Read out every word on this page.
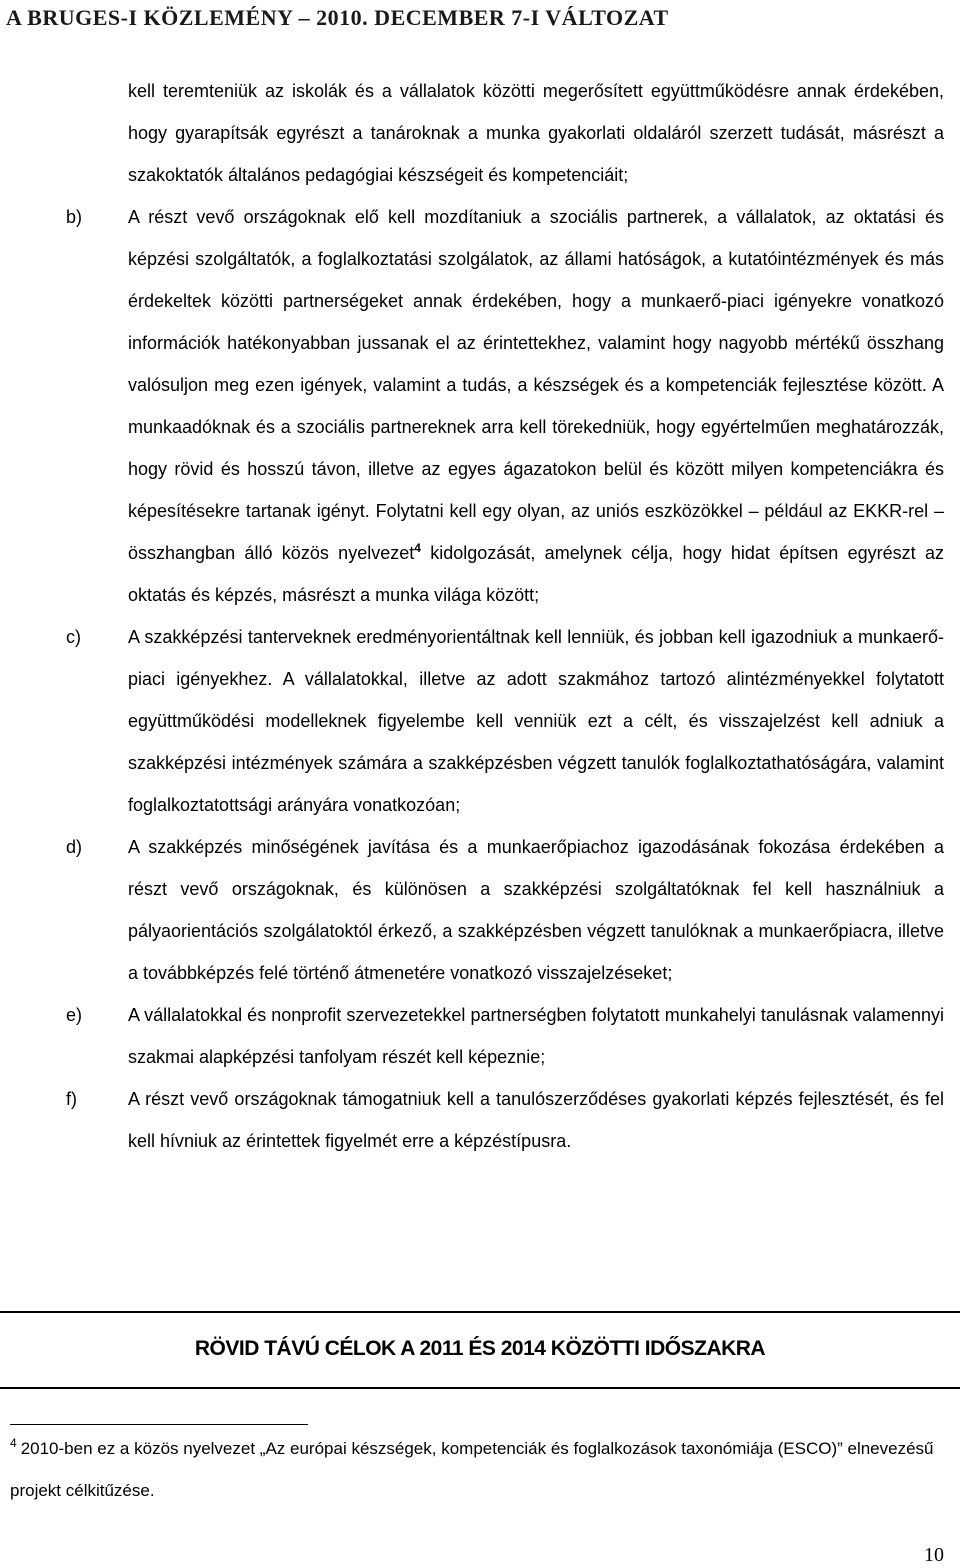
A BRUGES-I KÖZLEMÉNY – 2010. DECEMBER 7-I VÁLTOZAT
kell teremteniük az iskolák és a vállalatok közötti megerősített együttműködésre annak érdekében, hogy gyarapítsák egyrészt a tanároknak a munka gyakorlati oldaláról szerzett tudását, másrészt a szakoktatók általános pedagógiai készségeit és kompetenciáit;
b)	A részt vevő országoknak elő kell mozdítaniuk a szociális partnerek, a vállalatok, az oktatási és képzési szolgáltatók, a foglalkoztatási szolgálatok, az állami hatóságok, a kutatóintézmények és más érdekeltek közötti partnerségeket annak érdekében, hogy a munkaerő-piaci igényekre vonatkozó információk hatékonyabban jussanak el az érintettekhez, valamint hogy nagyobb mértékű összhang valósuljon meg ezen igények, valamint a tudás, a készségek és a kompetenciák fejlesztése között. A munkaadóknak és a szociális partnereknek arra kell törekedniük, hogy egyértelműen meghatározzák, hogy rövid és hosszú távon, illetve az egyes ágazatokon belül és között milyen kompetenciákra és képesítésekre tartanak igényt. Folytatni kell egy olyan, az uniós eszközökkel – például az EKKR-rel – összhangban álló közös nyelvezet$^4$ kidolgozását, amelynek célja, hogy hidat építsen egyrészt az oktatás és képzés, másrészt a munka világa között;
c)	A szakképzési tanterveknek eredményorientáltnak kell lenniük, és jobban kell igazodniuk a munkaerő-piaci igényekhez. A vállalatokkal, illetve az adott szakmához tartozó alintézményekkel folytatott együttműködési modelleknek figyelembe kell venniük ezt a célt, és visszajelzést kell adniuk a szakképzési intézmények számára a szakképzésben végzett tanulók foglalkoztathatóságára, valamint foglalkoztatottsági arányára vonatkozóan;
d)	A szakképzés minőségének javítása és a munkaerőpiachoz igazodásának fokozása érdekében a részt vevő országoknak, és különösen a szakképzési szolgáltatóknak fel kell használniuk a pályaorientációs szolgálatoktól érkező, a szakképzésben végzett tanulóknak a munkaerőpiacra, illetve a továbbképzés felé történő átmenetére vonatkozó visszajelzéseket;
e)	A vállalatokkal és nonprofit szervezetekkel partnerségben folytatott munkahelyi tanulásnak valamennyi szakmai alapképzési tanfolyam részét kell képeznie;
f)	A részt vevő országoknak támogatniuk kell a tanulószerződéses gyakorlati képzés fejlesztését, és fel kell hívniuk az érintettek figyelmét erre a képzéstípusra.
RÖVID TÁVÚ CÉLOK A 2011 ÉS 2014 KÖZÖTTI IDŐSZAKRA
$^4$ 2010-ben ez a közös nyelvezet „Az európai készségek, kompetenciák és foglalkozások taxonómiája (ESCO)” elnevezésű projekt célkitűzése.
10
